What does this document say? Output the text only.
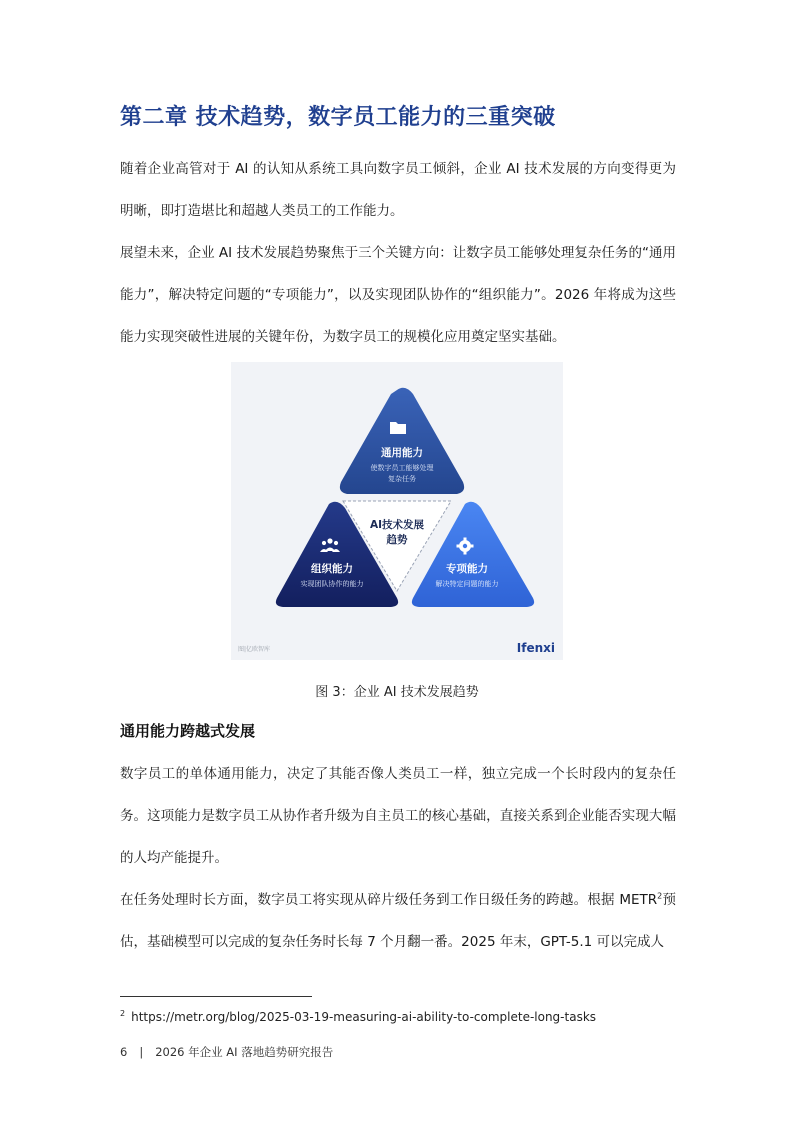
第二章 技术趋势，数字员工能力的三重突破

随着企业高管对于 AI 的认知从系统工具向数字员工倾斜，企业 AI 技术发展的方向变得更为明晰，即打造堪比和超越人类员工的工作能力。

展望未来，企业 AI 技术发展趋势聚焦于三个关键方向：让数字员工能够处理复杂任务的“通用能力”，解决特定问题的“专项能力”，以及实现团队协作的“组织能力”。2026 年将成为这些能力实现突破性进展的关键年份，为数字员工的规模化应用奠定坚实基础。

通用能力
使数字员工能够处理
复杂任务
AI技术发展
趋势
组织能力
实现团队协作的能力
专项能力
解决特定问题的能力
图|亿欧智库	Ifenxi
图 3：企业 AI 技术发展趋势
通用能力跨越式发展

数字员工的单体通用能力，决定了其能否像人类员工一样，独立完成一个长时段内的复杂任务。这项能力是数字员工从协作者升级为自主员工的核心基础，直接关系到企业能否实现大幅的人均产能提升。

在任务处理时长方面，数字员工将实现从碎片级任务到工作日级任务的跨越。根据 METR$^2$预估，基础模型可以完成的复杂任务时长每 7 个月翻一番。2025 年末，GPT-5.1 可以完成人

$^2$ https://metr.org/blog/2025-03-19-measuring-ai-ability-to-complete-long-tasks
6 | 2026 年企业 AI 落地趋势研究报告
